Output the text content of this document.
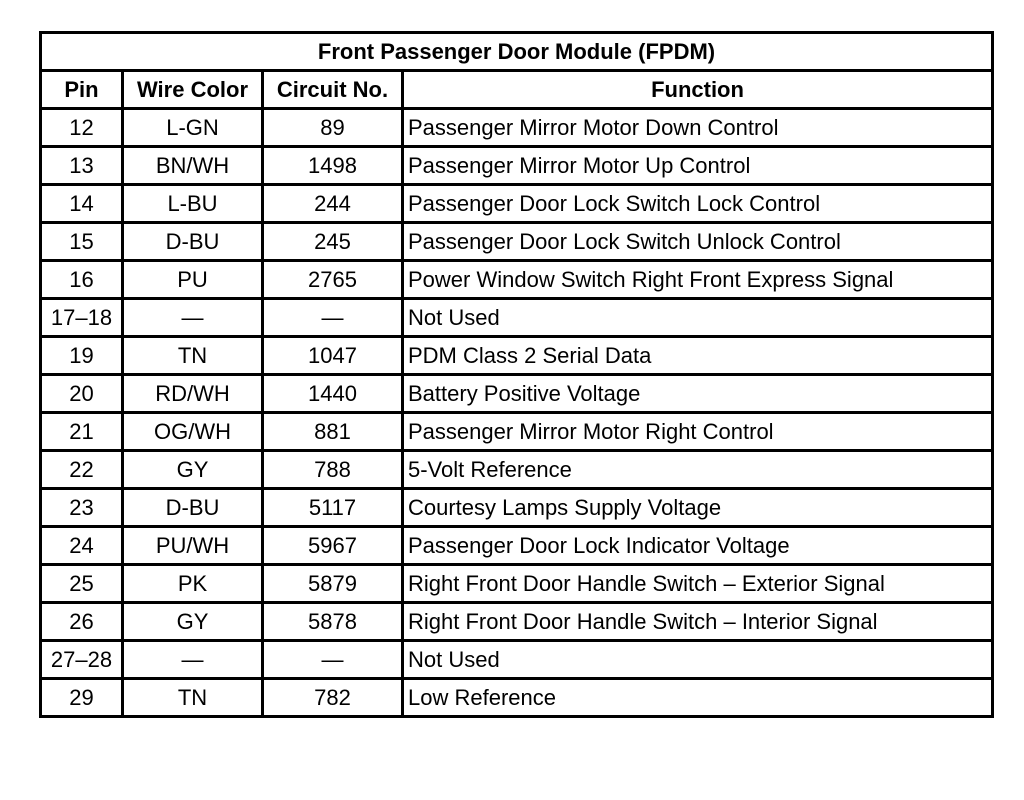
Front Passenger Door Module (FPDM)			
Pin	Wire Color	Circuit No.	Function
12	L-GN	89	Passenger Mirror Motor Down Control
13	BN/WH	1498	Passenger Mirror Motor Up Control
14	L-BU	244	Passenger Door Lock Switch Lock Control
15	D-BU	245	Passenger Door Lock Switch Unlock Control
16	PU	2765	Power Window Switch Right Front Express Signal
17–18	—	—	Not Used
19	TN	1047	PDM Class 2 Serial Data
20	RD/WH	1440	Battery Positive Voltage
21	OG/WH	881	Passenger Mirror Motor Right Control
22	GY	788	5-Volt Reference
23	D-BU	5117	Courtesy Lamps Supply Voltage
24	PU/WH	5967	Passenger Door Lock Indicator Voltage
25	PK	5879	Right Front Door Handle Switch – Exterior Signal
26	GY	5878	Right Front Door Handle Switch – Interior Signal
27–28	—	—	Not Used
29	TN	782	Low Reference
